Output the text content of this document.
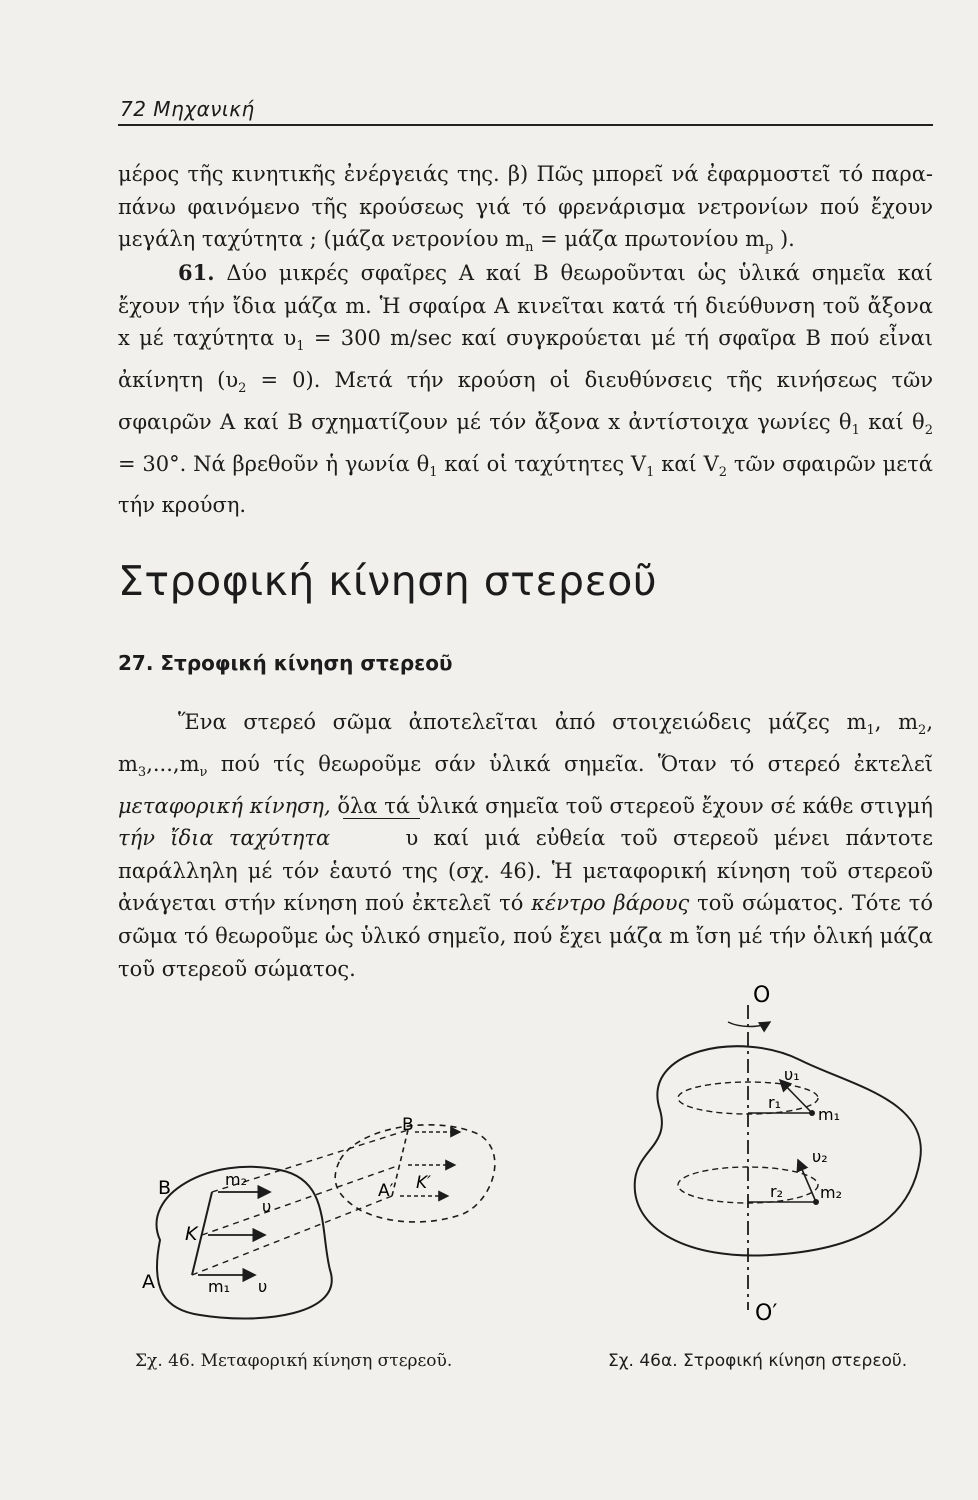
72 Μηχανική

μέρος τῆς κινητικῆς ἐνέργειάς της. β) Πῶς μπορεῖ νά ἐφαρμοστεῖ τό παραπάνω φαινόμενο τῆς κρούσεως γιά τό φρενάρισμα νετρονίων πού ἔχουν μεγάλη ταχύτητα ; (μάζα νετρονίου $m_n = \mu ά\zeta\alpha$ πρωτονίου $m_p$ ).

61. Δύο μικρές σφαῖρες Α καί Β θεωροῦνται ὡς ὑλικά σημεῖα καί ἔχουν τήν ἴδια μάζα m. Ἡ σφαίρα Α κινεῖται κατά τή διεύθυνση τοῦ ἄξονα x μέ ταχύτητα $\upsilon_1 = 300$ m/sec καί συγκρούεται μέ τή σφαῖρα Β πού εἶναι ἀκίνητη $(\upsilon_2 = 0)$. Μετά τήν κρούση οἱ διευθύνσεις τῆς κινήσεως τῶν σφαιρῶν Α καί Β σχηματίζουν μέ τόν ἄξονα x ἀντίστοιχα γωνίες $\theta_1$ καί $\theta_2 = 30^\circ$. Νά βρεθοῦν ἡ γωνία $\theta_1$ καί οἱ ταχύτητες $V_1$ καί $V_2$ τῶν σφαιρῶν μετά τήν κρούση.

Στροφική κίνηση στερεοῦ
27. Στροφική κίνηση στερεοῦ

Ἕνα στερεό σῶμα ἀποτελεῖται ἀπό στοιχειώδεις μάζες $m_1$, $m_2$, $m_3,...,m_\nu$ πού τίς θεωροῦμε σάν ὑλικά σημεῖα. Ὅταν τό στερεό ἐκτελεῖ μεταφορική κίνηση, ὅλα τά ὑλικά σημεῖα τοῦ στερεοῦ ἔχουν σέ κάθε στιγμή τήν ἴδια ταχύτητα	υ καί μιά εὐθεία τοῦ στερεοῦ μένει πάντοτε παράλληλη μέ τόν ἑαυτό της (σχ. 46). Ἡ μεταφορική κίνηση τοῦ στερεοῦ ἀνάγεται στήν κίνηση πού ἐκτελεῖ τό κέντρο βάρους τοῦ σώματος. Τότε τό σῶμα τό θεωροῦμε ὡς ὑλικό σημεῖο, πού ἔχει μάζα m ἴση μέ τήν ὁλική μάζα τοῦ στερεοῦ σώματος.

B	m₂
υ
K
A	m₁ υ
B
K′
A′
O
O′
υ₁
r₁
m₁
υ₂
r₂ m₂
Σχ. 46. Μεταφορική κίνηση στερεοῦ.	Σχ. 46α. Στροφική κίνηση στερεοῦ.
